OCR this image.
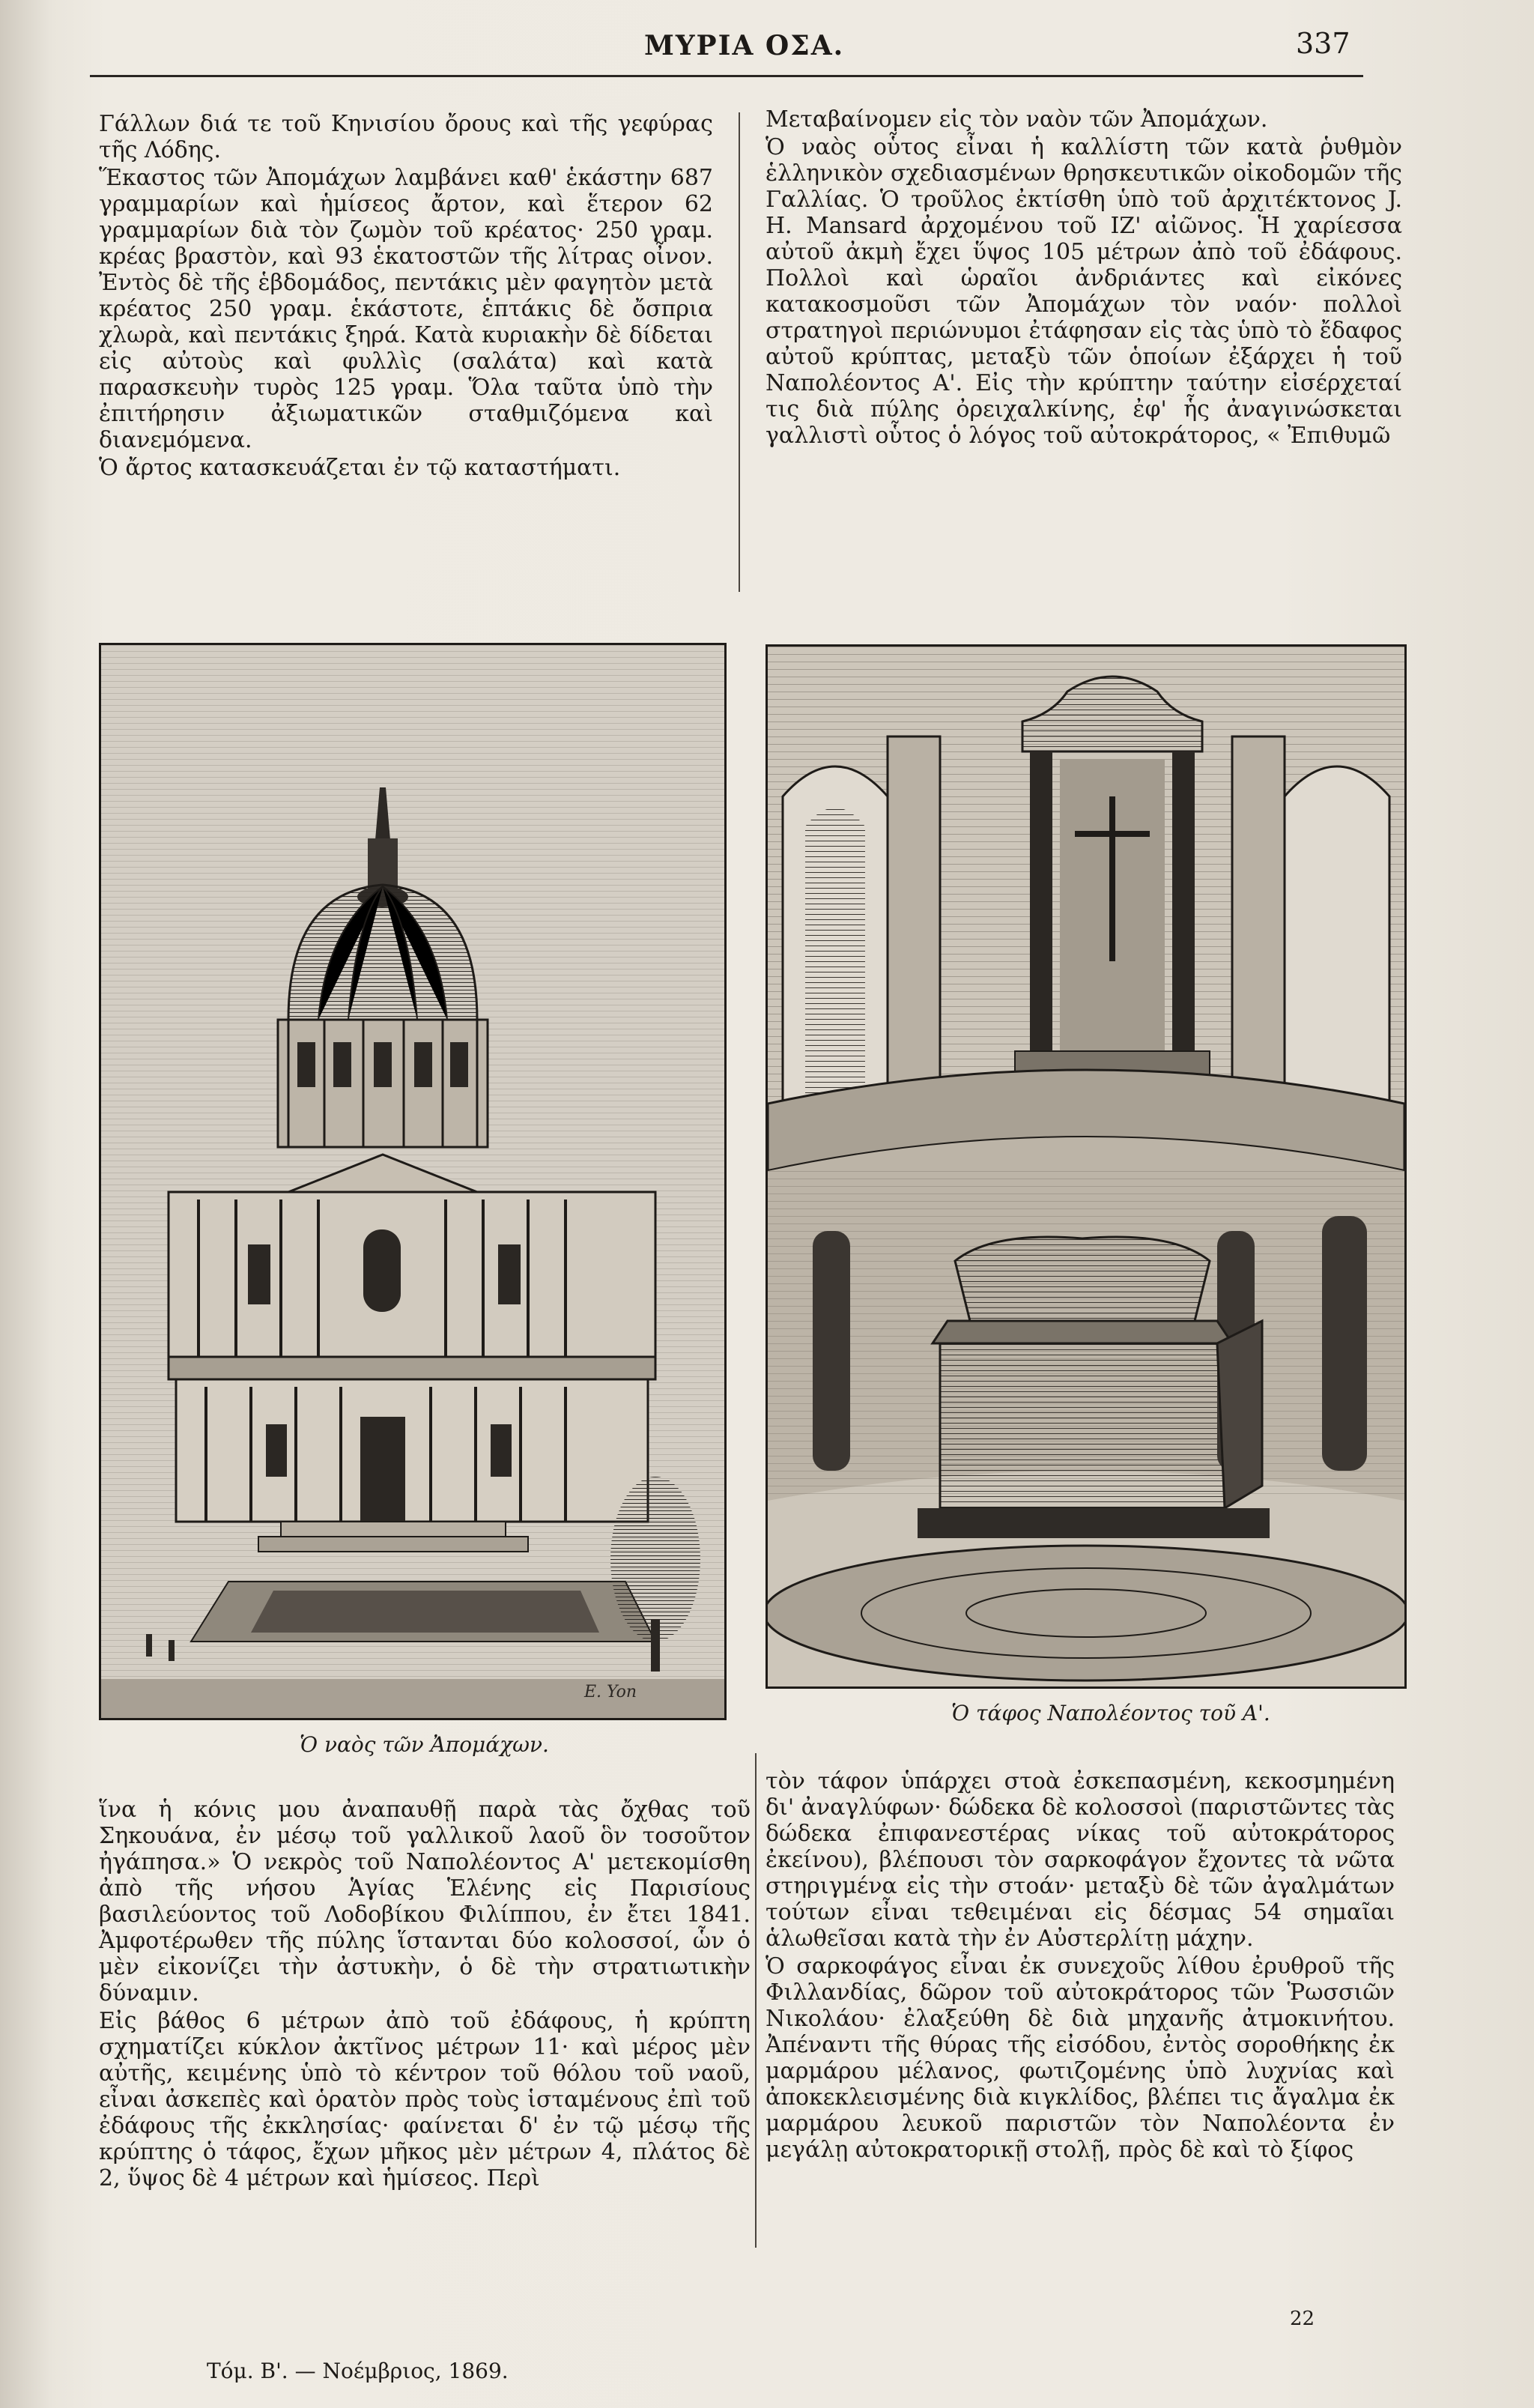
ΜΥΡΙΑ ΟΣΑ.	337

Γάλλων διά τε τοῦ Κηνισίου ὄρους καὶ τῆς γεφύρας τῆς Λόδης.

Ἕκαστος τῶν Ἀπομάχων λαμβάνει καθ' ἑκάστην 687 γραμμαρίων καὶ ἡμίσεος ἄρτον, καὶ ἕτερον 62 γραμμαρίων διὰ τὸν ζωμὸν τοῦ κρέατος· 250 γραμ. κρέας βραστὸν, καὶ 93 ἑκατοστῶν τῆς λίτρας οἶνον. Ἐντὸς δὲ τῆς ἑβδομάδος, πεντάκις μὲν φαγητὸν μετὰ κρέατος 250 γραμ. ἑκάστοτε, ἑπτάκις δὲ ὄσπρια χλωρὰ, καὶ πεντάκις ξηρά. Κατὰ κυριακὴν δὲ δίδεται εἰς αὐτοὺς καὶ φυλλὶς (σαλάτα) καὶ κατὰ παρασκευὴν τυρὸς 125 γραμ. Ὅλα ταῦτα ὑπὸ τὴν ἐπιτήρησιν ἀξιωματικῶν σταθμιζόμενα καὶ διανεμόμενα.

Ὁ ἄρτος κατασκευάζεται ἐν τῷ καταστήματι.

Μεταβαίνομεν εἰς τὸν ναὸν τῶν Ἀπομάχων.

Ὁ ναὸς οὗτος εἶναι ἡ καλλίστη τῶν κατὰ ῥυθμὸν ἑλληνικὸν σχεδιασμένων θρησκευτικῶν οἰκοδομῶν τῆς Γαλλίας. Ὁ τροῦλος ἐκτίσθη ὑπὸ τοῦ ἀρχιτέκτονος J. H. Mansard ἀρχομένου τοῦ ΙΖ' αἰῶνος. Ἡ χαρίεσσα αὐτοῦ ἀκμὴ ἔχει ὕψος 105 μέτρων ἀπὸ τοῦ ἐδάφους. Πολλοὶ καὶ ὡραῖοι ἀνδριάντες καὶ εἰκόνες κατακοσμοῦσι τῶν Ἀπομάχων τὸν ναόν· πολλοὶ στρατηγοὶ περιώνυμοι ἐτάφησαν εἰς τὰς ὑπὸ τὸ ἔδαφος αὐτοῦ κρύπτας, μεταξὺ τῶν ὁποίων ἐξάρχει ἡ τοῦ Ναπολέοντος Α'. Εἰς τὴν κρύπτην ταύτην εἰσέρχεταί τις διὰ πύλης ὀρειχαλκίνης, ἐφ' ἧς ἀναγινώσκεται γαλλιστὶ οὗτος ὁ λόγος τοῦ αὐτοκράτορος, « Ἐπιθυμῶ

Ὁ ναὸς τῶν Ἀπομάχων.
Ὁ τάφος Ναπολέοντος τοῦ Α'.
E. Yon

ἵνα ἡ κόνις μου ἀναπαυθῇ παρὰ τὰς ὄχθας τοῦ Σηκουάνα, ἐν μέσῳ τοῦ γαλλικοῦ λαοῦ ὃν τοσοῦτον ἠγάπησα.» Ὁ νεκρὸς τοῦ Ναπολέοντος Α' μετεκομίσθη ἀπὸ τῆς νήσου Ἁγίας Ἑλένης εἰς Παρισίους βασιλεύοντος τοῦ Λοδοβίκου Φιλίππου, ἐν ἔτει 1841. Ἀμφοτέρωθεν τῆς πύλης ἵστανται δύο κολοσσοί, ὧν ὁ μὲν εἰκονίζει τὴν ἀστυκὴν, ὁ δὲ τὴν στρατιωτικὴν δύναμιν.

Εἰς βάθος 6 μέτρων ἀπὸ τοῦ ἐδάφους, ἡ κρύπτη σχηματίζει κύκλον ἀκτῖνος μέτρων 11· καὶ μέρος μὲν αὐτῆς, κειμένης ὑπὸ τὸ κέντρον τοῦ θόλου τοῦ ναοῦ, εἶναι ἀσκεπὲς καὶ ὁρατὸν πρὸς τοὺς ἱσταμένους ἐπὶ τοῦ ἐδάφους τῆς ἐκκλησίας· φαίνεται δ' ἐν τῷ μέσῳ τῆς κρύπτης ὁ τάφος, ἔχων μῆκος μὲν μέτρων 4, πλάτος δὲ 2, ὕψος δὲ 4 μέτρων καὶ ἡμίσεος. Περὶ

τὸν τάφον ὑπάρχει στοὰ ἐσκεπασμένη, κεκοσμημένη δι' ἀναγλύφων· δώδεκα δὲ κολοσσοὶ (παριστῶντες τὰς δώδεκα ἐπιφανεστέρας νίκας τοῦ αὐτοκράτορος ἐκείνου), βλέπουσι τὸν σαρκοφάγον ἔχοντες τὰ νῶτα στηριγμένα εἰς τὴν στοάν· μεταξὺ δὲ τῶν ἀγαλμάτων τούτων εἶναι τεθειμέναι εἰς δέσμας 54 σημαῖαι ἁλωθεῖσαι κατὰ τὴν ἐν Αὐστερλίτῃ μάχην.

Ὁ σαρκοφάγος εἶναι ἐκ συνεχοῦς λίθου ἐρυθροῦ τῆς Φιλλανδίας, δῶρον τοῦ αὐτοκράτορος τῶν Ῥωσσιῶν Νικολάου· ἐλαξεύθη δὲ διὰ μηχανῆς ἀτμοκινήτου. Ἀπέναντι τῆς θύρας τῆς εἰσόδου, ἐντὸς σοροθήκης ἐκ μαρμάρου μέλανος, φωτιζομένης ὑπὸ λυχνίας καὶ ἀποκεκλεισμένης διὰ κιγκλίδος, βλέπει τις ἄγαλμα ἐκ μαρμάρου λευκοῦ παριστῶν τὸν Ναπολέοντα ἐν μεγάλῃ αὐτοκρατορικῇ στολῇ, πρὸς δὲ καὶ τὸ ξίφος

22
Τόμ. Β'. — Νοέμβριος, 1869.
